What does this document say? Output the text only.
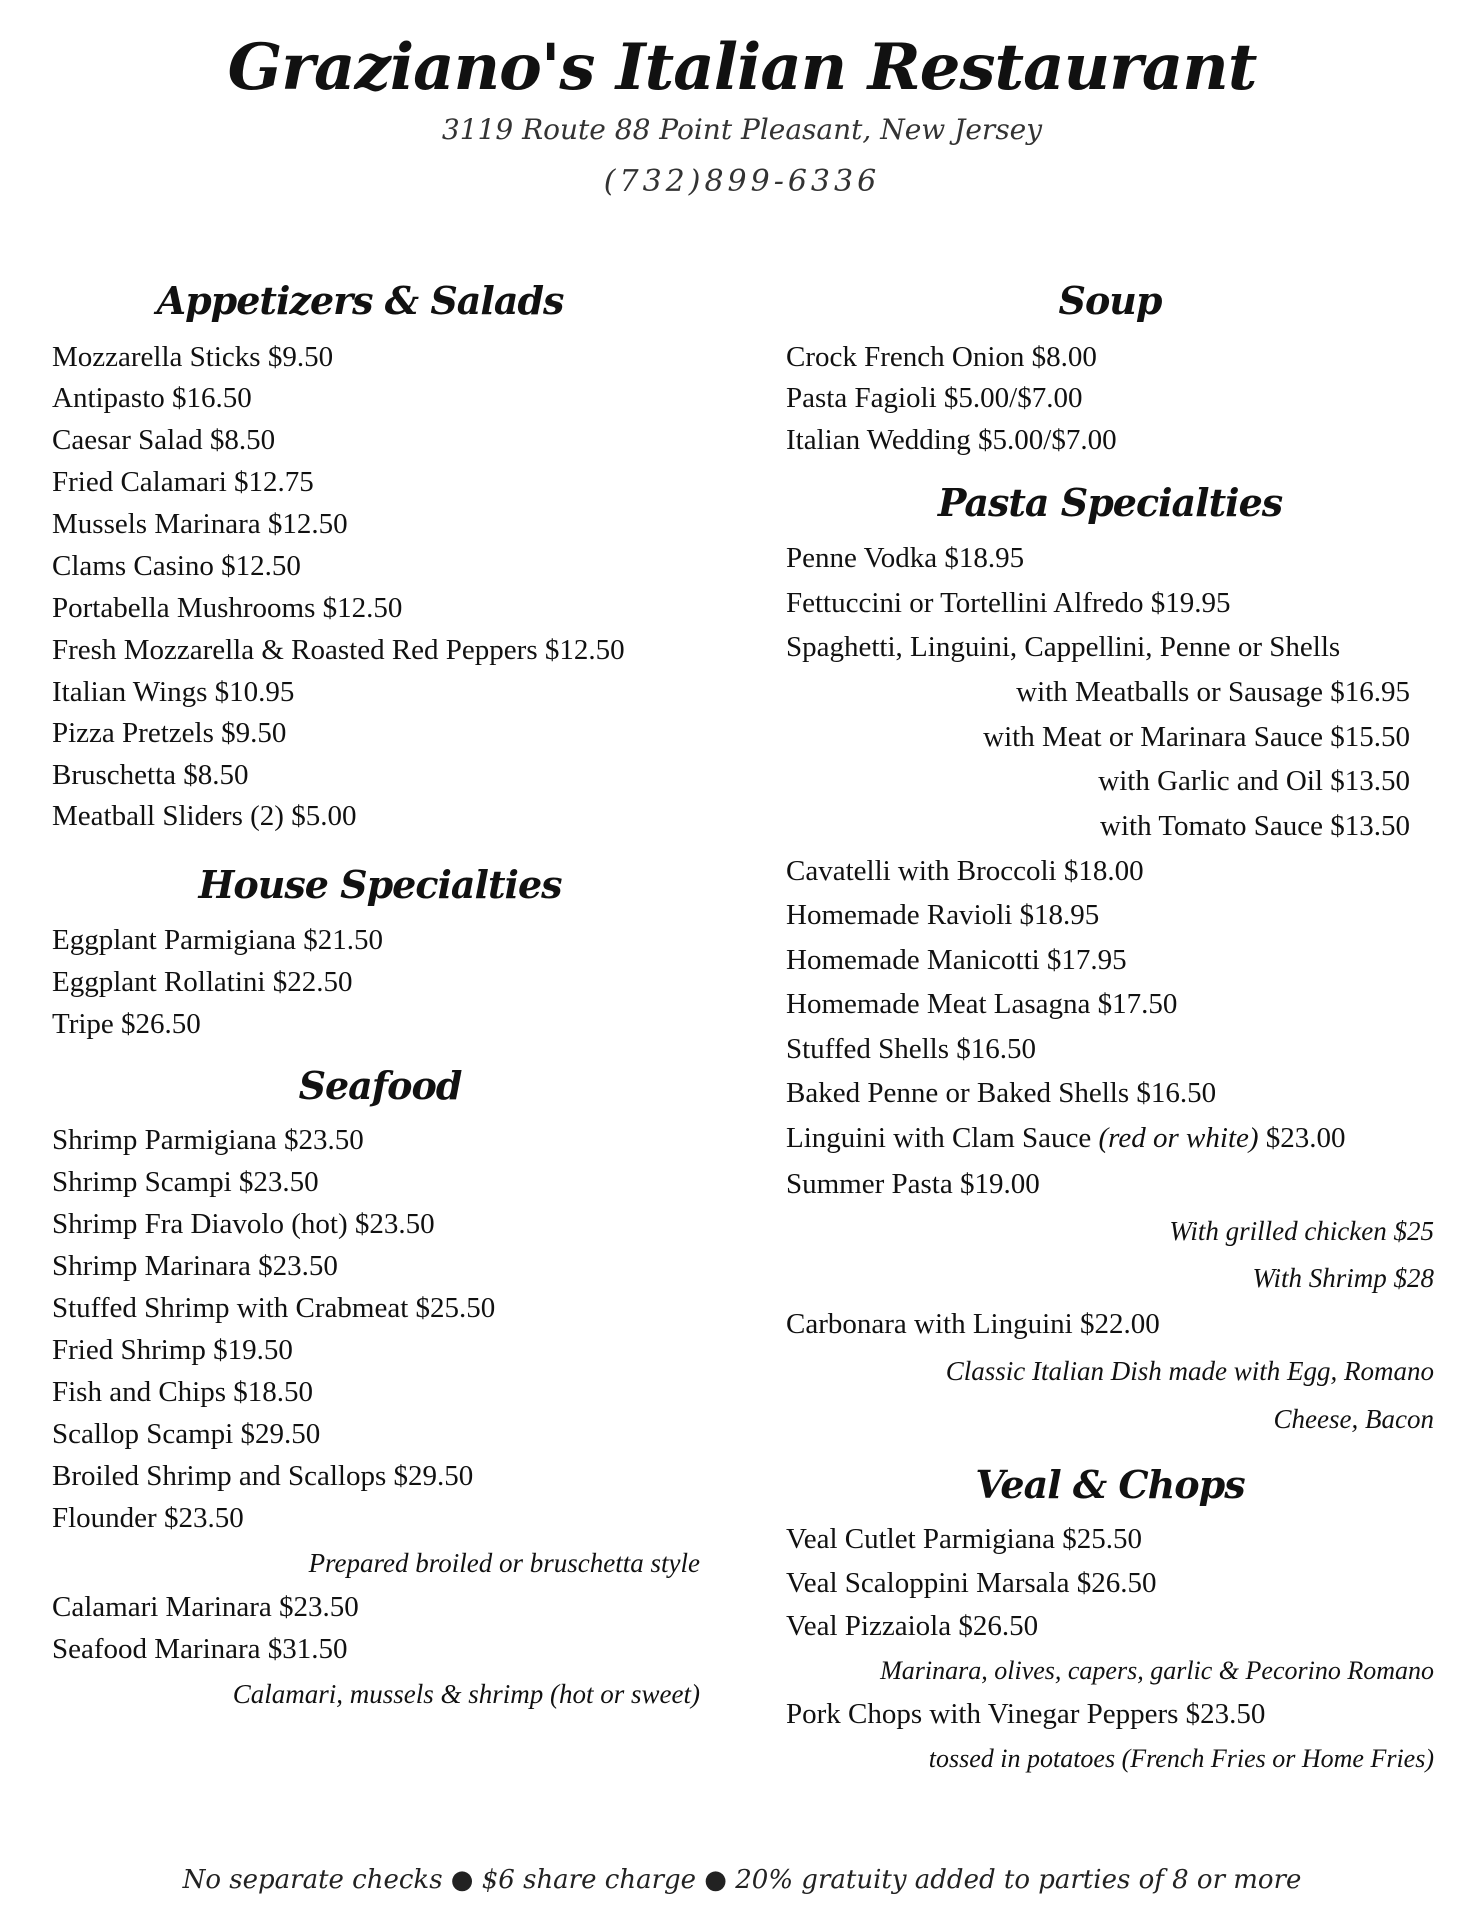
Graziano's Italian Restaurant
3119 Route 88 Point Pleasant, New Jersey
(732)899-6336
Appetizers & Salads
Mozzarella Sticks $9.50
Antipasto $16.50
Caesar Salad $8.50
Fried Calamari $12.75
Mussels Marinara $12.50
Clams Casino $12.50
Portabella Mushrooms $12.50
Fresh Mozzarella & Roasted Red Peppers $12.50
Italian Wings $10.95
Pizza Pretzels $9.50
Bruschetta $8.50
Meatball Sliders (2) $5.00
House Specialties
Eggplant Parmigiana $21.50
Eggplant Rollatini $22.50
Tripe $26.50
Seafood
Shrimp Parmigiana $23.50
Shrimp Scampi $23.50
Shrimp Fra Diavolo (hot) $23.50
Shrimp Marinara $23.50
Stuffed Shrimp with Crabmeat $25.50
Fried Shrimp $19.50
Fish and Chips $18.50
Scallop Scampi $29.50
Broiled Shrimp and Scallops $29.50
Flounder $23.50
Prepared broiled or bruschetta style
Calamari Marinara $23.50
Seafood Marinara $31.50
Calamari, mussels & shrimp (hot or sweet)
Soup
Crock French Onion $8.00
Pasta Fagioli $5.00/$7.00
Italian Wedding $5.00/$7.00
Pasta Specialties
Penne Vodka $18.95
Fettuccini or Tortellini Alfredo $19.95
Spaghetti, Linguini, Cappellini, Penne or Shells
with Meatballs or Sausage $16.95
with Meat or Marinara Sauce $15.50
with Garlic and Oil $13.50
with Tomato Sauce $13.50
Cavatelli with Broccoli $18.00
Homemade Ravioli $18.95
Homemade Manicotti $17.95
Homemade Meat Lasagna $17.50
Stuffed Shells $16.50
Baked Penne or Baked Shells $16.50
Linguini with Clam Sauce (red or white) $23.00
Summer Pasta $19.00
With grilled chicken $25
With Shrimp $28
Carbonara with Linguini $22.00
Classic Italian Dish made with Egg, Romano
Cheese, Bacon
Veal & Chops
Veal Cutlet Parmigiana $25.50
Veal Scaloppini Marsala $26.50
Veal Pizzaiola $26.50
Marinara, olives, capers, garlic & Pecorino Romano
Pork Chops with Vinegar Peppers $23.50
tossed in potatoes (French Fries or Home Fries)
No separate checks ● $6 share charge ● 20% gratuity added to parties of 8 or more
